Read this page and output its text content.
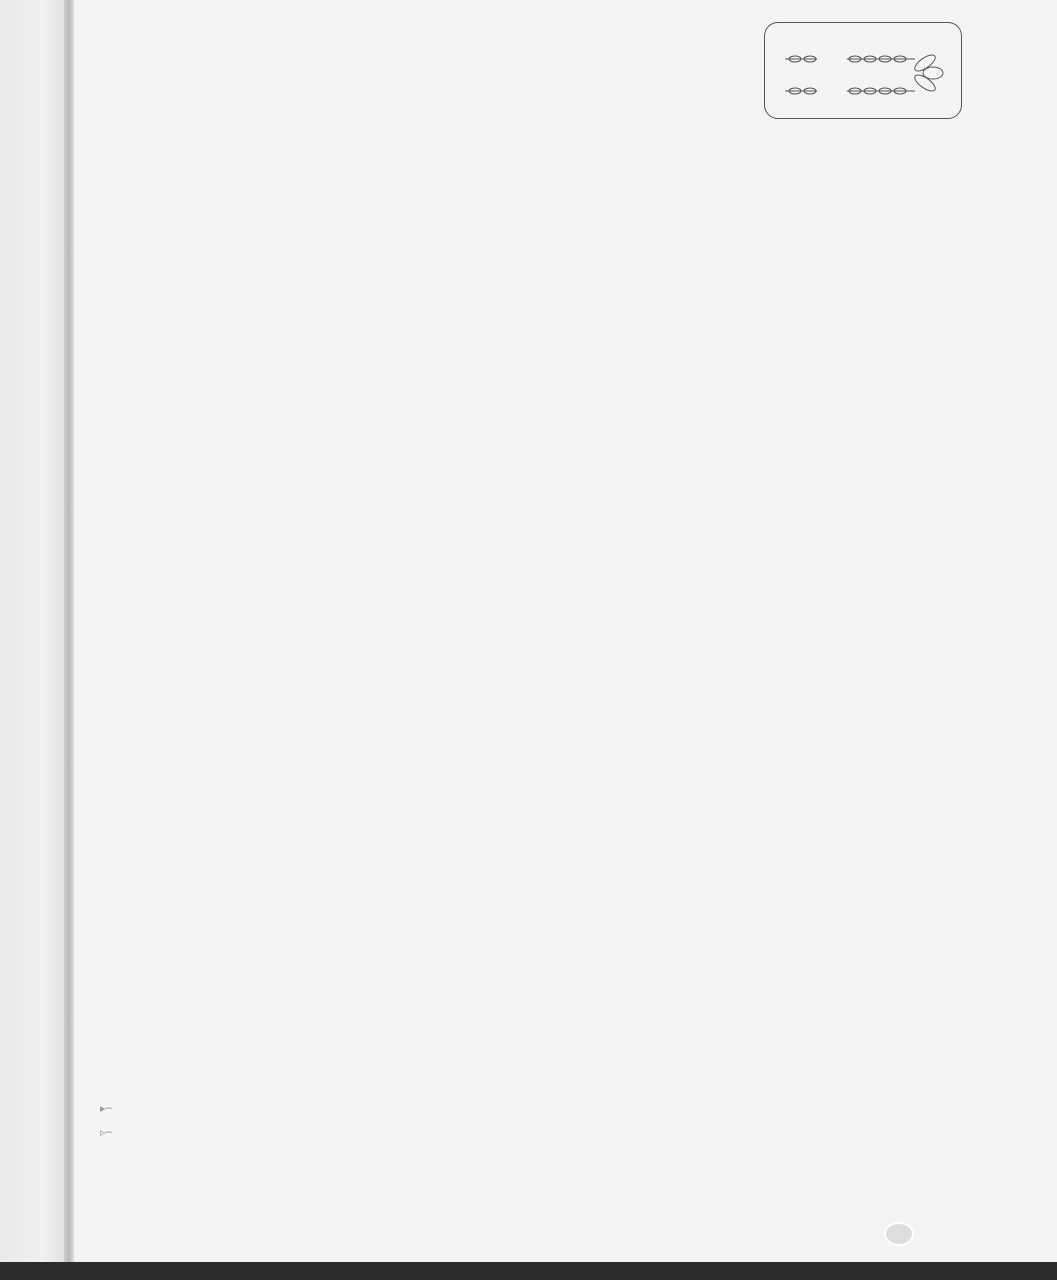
▸─
▹─
